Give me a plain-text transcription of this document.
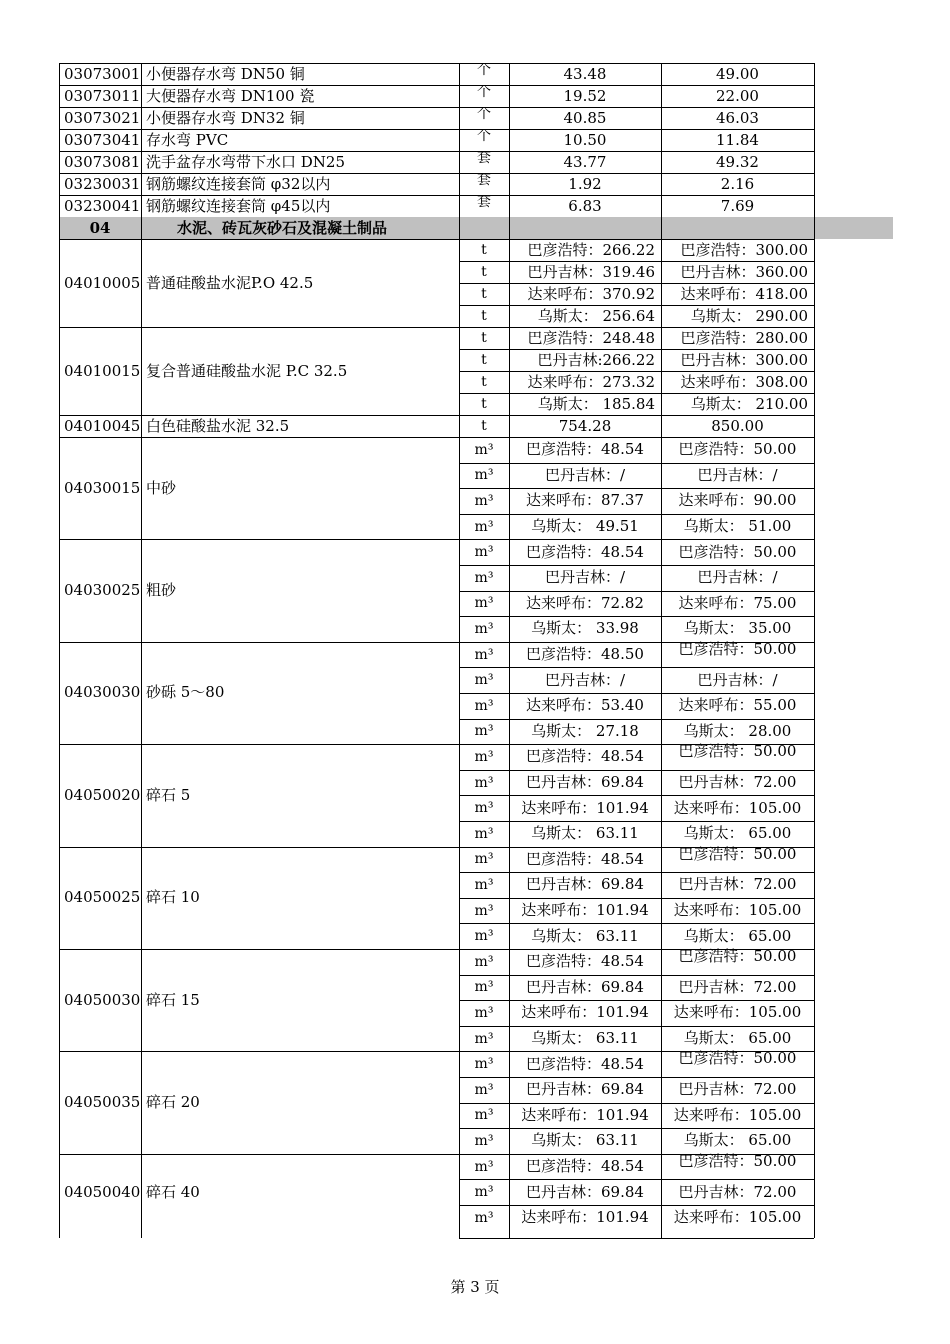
03073001 小便器存水弯 DN50 铜	个	43.48	49.00
03073011 大便器存水弯 DN100 瓷	个	19.52	22.00
03073021 小便器存水弯 DN32 铜	个	40.85	46.03
03073041 存水弯 PVC	个	10.50	11.84
03073081 洗手盆存水弯带下水口 DN25	套	43.77	49.32
03230031 钢筋螺纹连接套筒 φ32以内	套	1.92	2.16
03230041 钢筋螺纹连接套筒 φ45以内	套	6.83	7.69
04	水泥、砖瓦灰砂石及混凝土制品
04010005 普通硅酸盐水泥P.O 42.5
t	巴彦浩特：266.22	巴彦浩特：300.00
t	巴丹吉林：319.46	巴丹吉林：360.00
t	达来呼布：370.92	达来呼布：418.00
t	乌斯太： 256.64	乌斯太： 290.00
04010015 复合普通硅酸盐水泥 P.C 32.5
t	巴彦浩特：248.48	巴彦浩特：280.00
t	巴丹吉林:266.22	巴丹吉林：300.00
t	达来呼布：273.32	达来呼布：308.00
t	乌斯太： 185.84	乌斯太： 210.00
04010045 白色硅酸盐水泥 32.5	t	754.28	850.00
04030015 中砂
m³	巴彦浩特：48.54	巴彦浩特：50.00
m³	巴丹吉林：/	巴丹吉林：/
m³	达来呼布：87.37	达来呼布：90.00
m³	乌斯太： 49.51	乌斯太： 51.00
04030025 粗砂
m³	巴彦浩特：48.54	巴彦浩特：50.00
m³	巴丹吉林：/	巴丹吉林：/
m³	达来呼布：72.82	达来呼布：75.00
m³	乌斯太： 33.98	乌斯太： 35.00
04030030 砂砾 5～80
m³	巴彦浩特：48.50	巴彦浩特：50.00
m³	巴丹吉林：/	巴丹吉林：/
m³	达来呼布：53.40	达来呼布：55.00
m³	乌斯太： 27.18	乌斯太： 28.00
04050020 碎石 5
m³	巴彦浩特：48.54	巴彦浩特：50.00
m³	巴丹吉林：69.84	巴丹吉林：72.00
m³	达来呼布：101.94	达来呼布：105.00
m³	乌斯太： 63.11	乌斯太： 65.00
04050025 碎石 10
m³	巴彦浩特：48.54	巴彦浩特：50.00
m³	巴丹吉林：69.84	巴丹吉林：72.00
m³	达来呼布：101.94	达来呼布：105.00
m³	乌斯太： 63.11	乌斯太： 65.00
04050030 碎石 15
m³	巴彦浩特：48.54	巴彦浩特：50.00
m³	巴丹吉林：69.84	巴丹吉林：72.00
m³	达来呼布：101.94	达来呼布：105.00
m³	乌斯太： 63.11	乌斯太： 65.00
04050035 碎石 20
m³	巴彦浩特：48.54	巴彦浩特：50.00
m³	巴丹吉林：69.84	巴丹吉林：72.00
m³	达来呼布：101.94	达来呼布：105.00
m³	乌斯太： 63.11	乌斯太： 65.00
04050040 碎石 40
m³	巴彦浩特：48.54	巴彦浩特：50.00
m³	巴丹吉林：69.84	巴丹吉林：72.00
m³	达来呼布：101.94	达来呼布：105.00
第 3 页
